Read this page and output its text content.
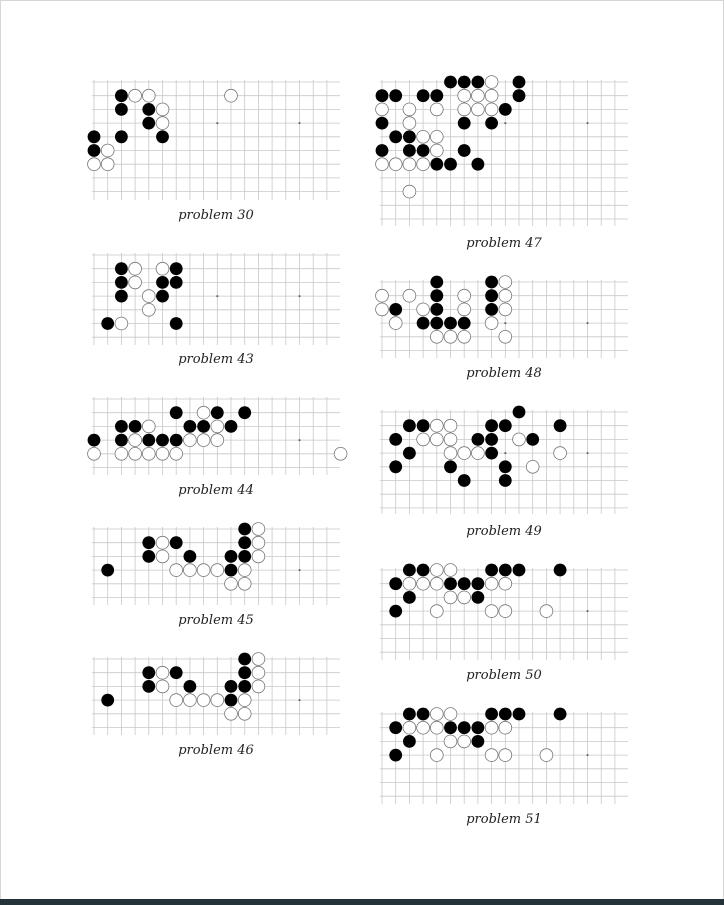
problem 30
problem 43
problem 44
problem 45
problem 46
problem 47
problem 48
problem 49
problem 50
problem 51
